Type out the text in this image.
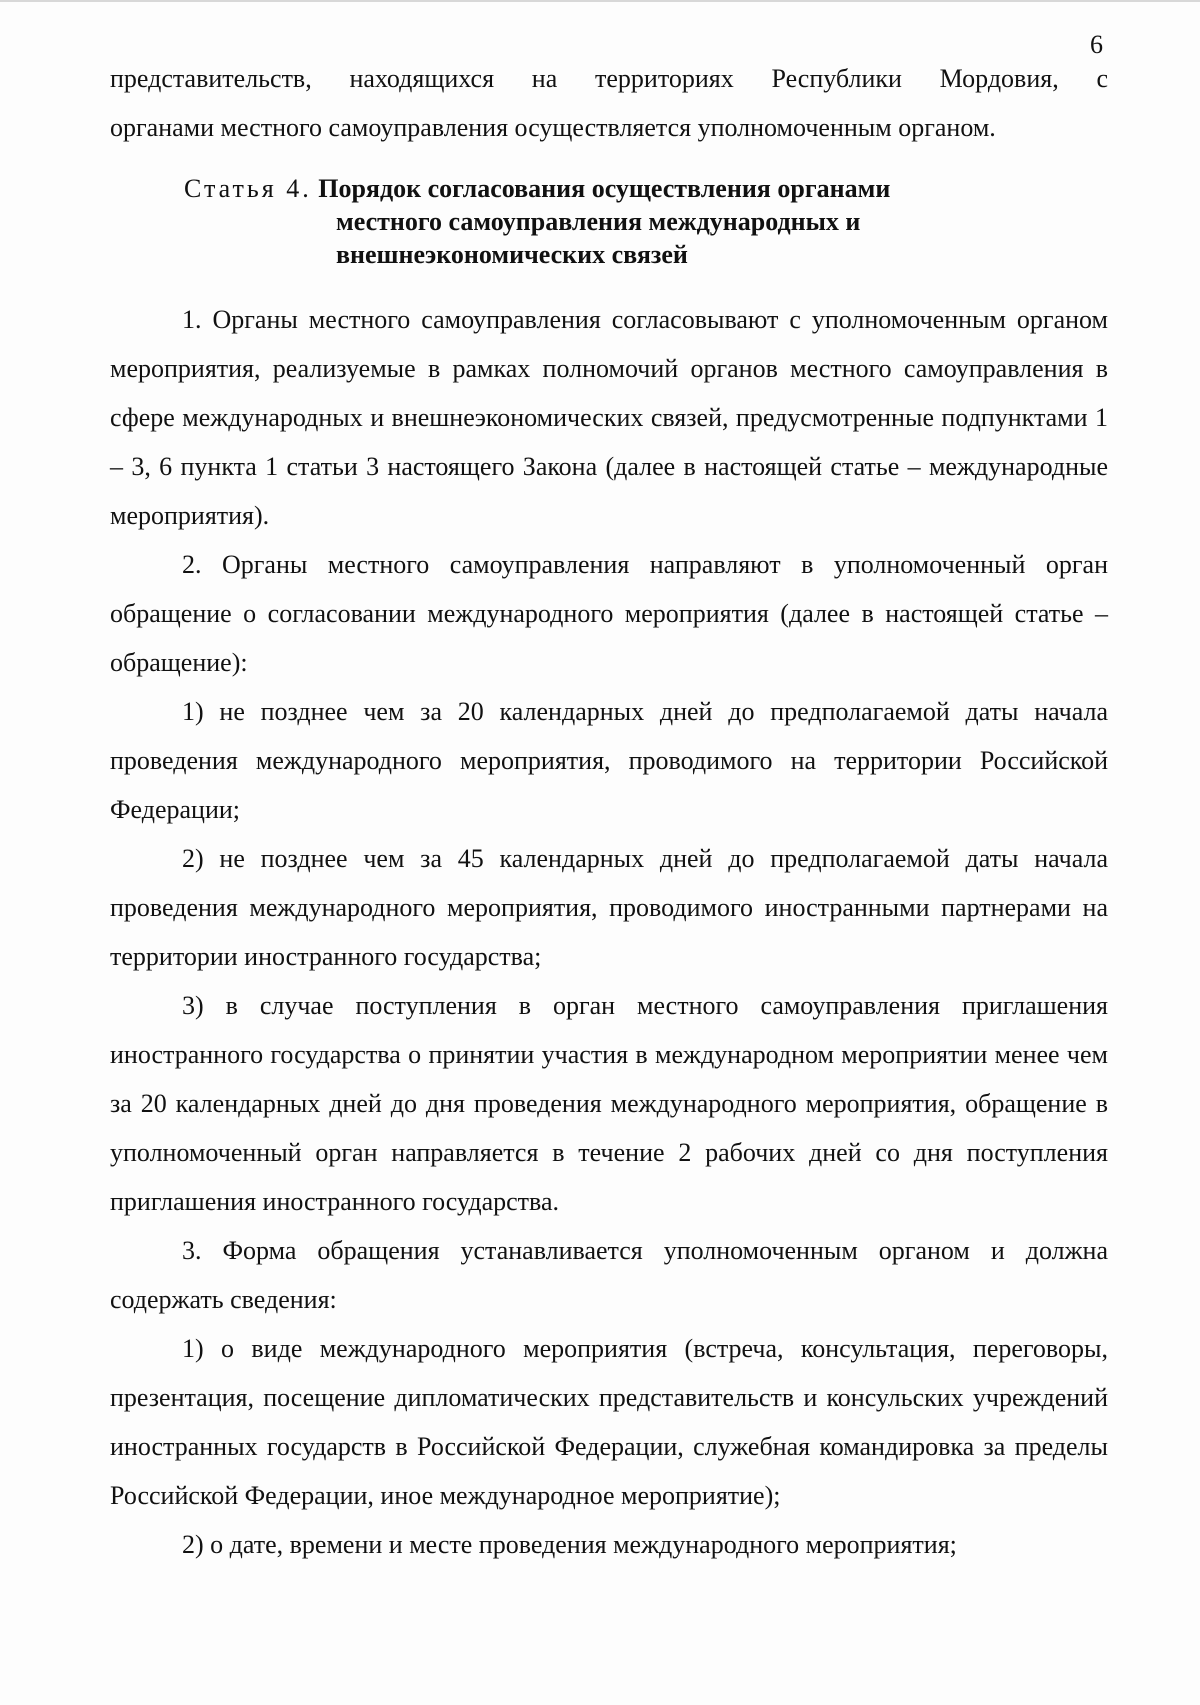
6

представительств, находящихся на территориях Республики Мордовия, с

органами местного самоуправления осуществляется уполномоченным органом.

Статья 4. Порядок согласования осуществления органами
местного самоуправления международных и
внешнеэкономических связей

1. Органы местного самоуправления согласовывают с уполномоченным органом мероприятия, реализуемые в рамках полномочий органов местного самоуправления в сфере международных и внешнеэкономических связей, предусмотренные подпунктами 1 – 3, 6 пункта 1 статьи 3 настоящего Закона (далее в настоящей статье – международные мероприятия).

2. Органы местного самоуправления направляют в уполномоченный орган обращение о согласовании международного мероприятия (далее в настоящей статье – обращение):

1) не позднее чем за 20 календарных дней до предполагаемой даты начала проведения международного мероприятия, проводимого на территории Российской Федерации;

2) не позднее чем за 45 календарных дней до предполагаемой даты начала проведения международного мероприятия, проводимого иностранными партнерами на территории иностранного государства;

3) в случае поступления в орган местного самоуправления приглашения иностранного государства о принятии участия в международном мероприятии менее чем за 20 календарных дней до дня проведения международного мероприятия, обращение в уполномоченный орган направляется в течение 2 рабочих дней со дня поступления приглашения иностранного государства.

3. Форма обращения устанавливается уполномоченным органом и должна содержать сведения:

1) о виде международного мероприятия (встреча, консультация, переговоры, презентация, посещение дипломатических представительств и консульских учреждений иностранных государств в Российской Федерации, служебная командировка за пределы Российской Федерации, иное международное мероприятие);

2) о дате, времени и месте проведения международного мероприятия;
